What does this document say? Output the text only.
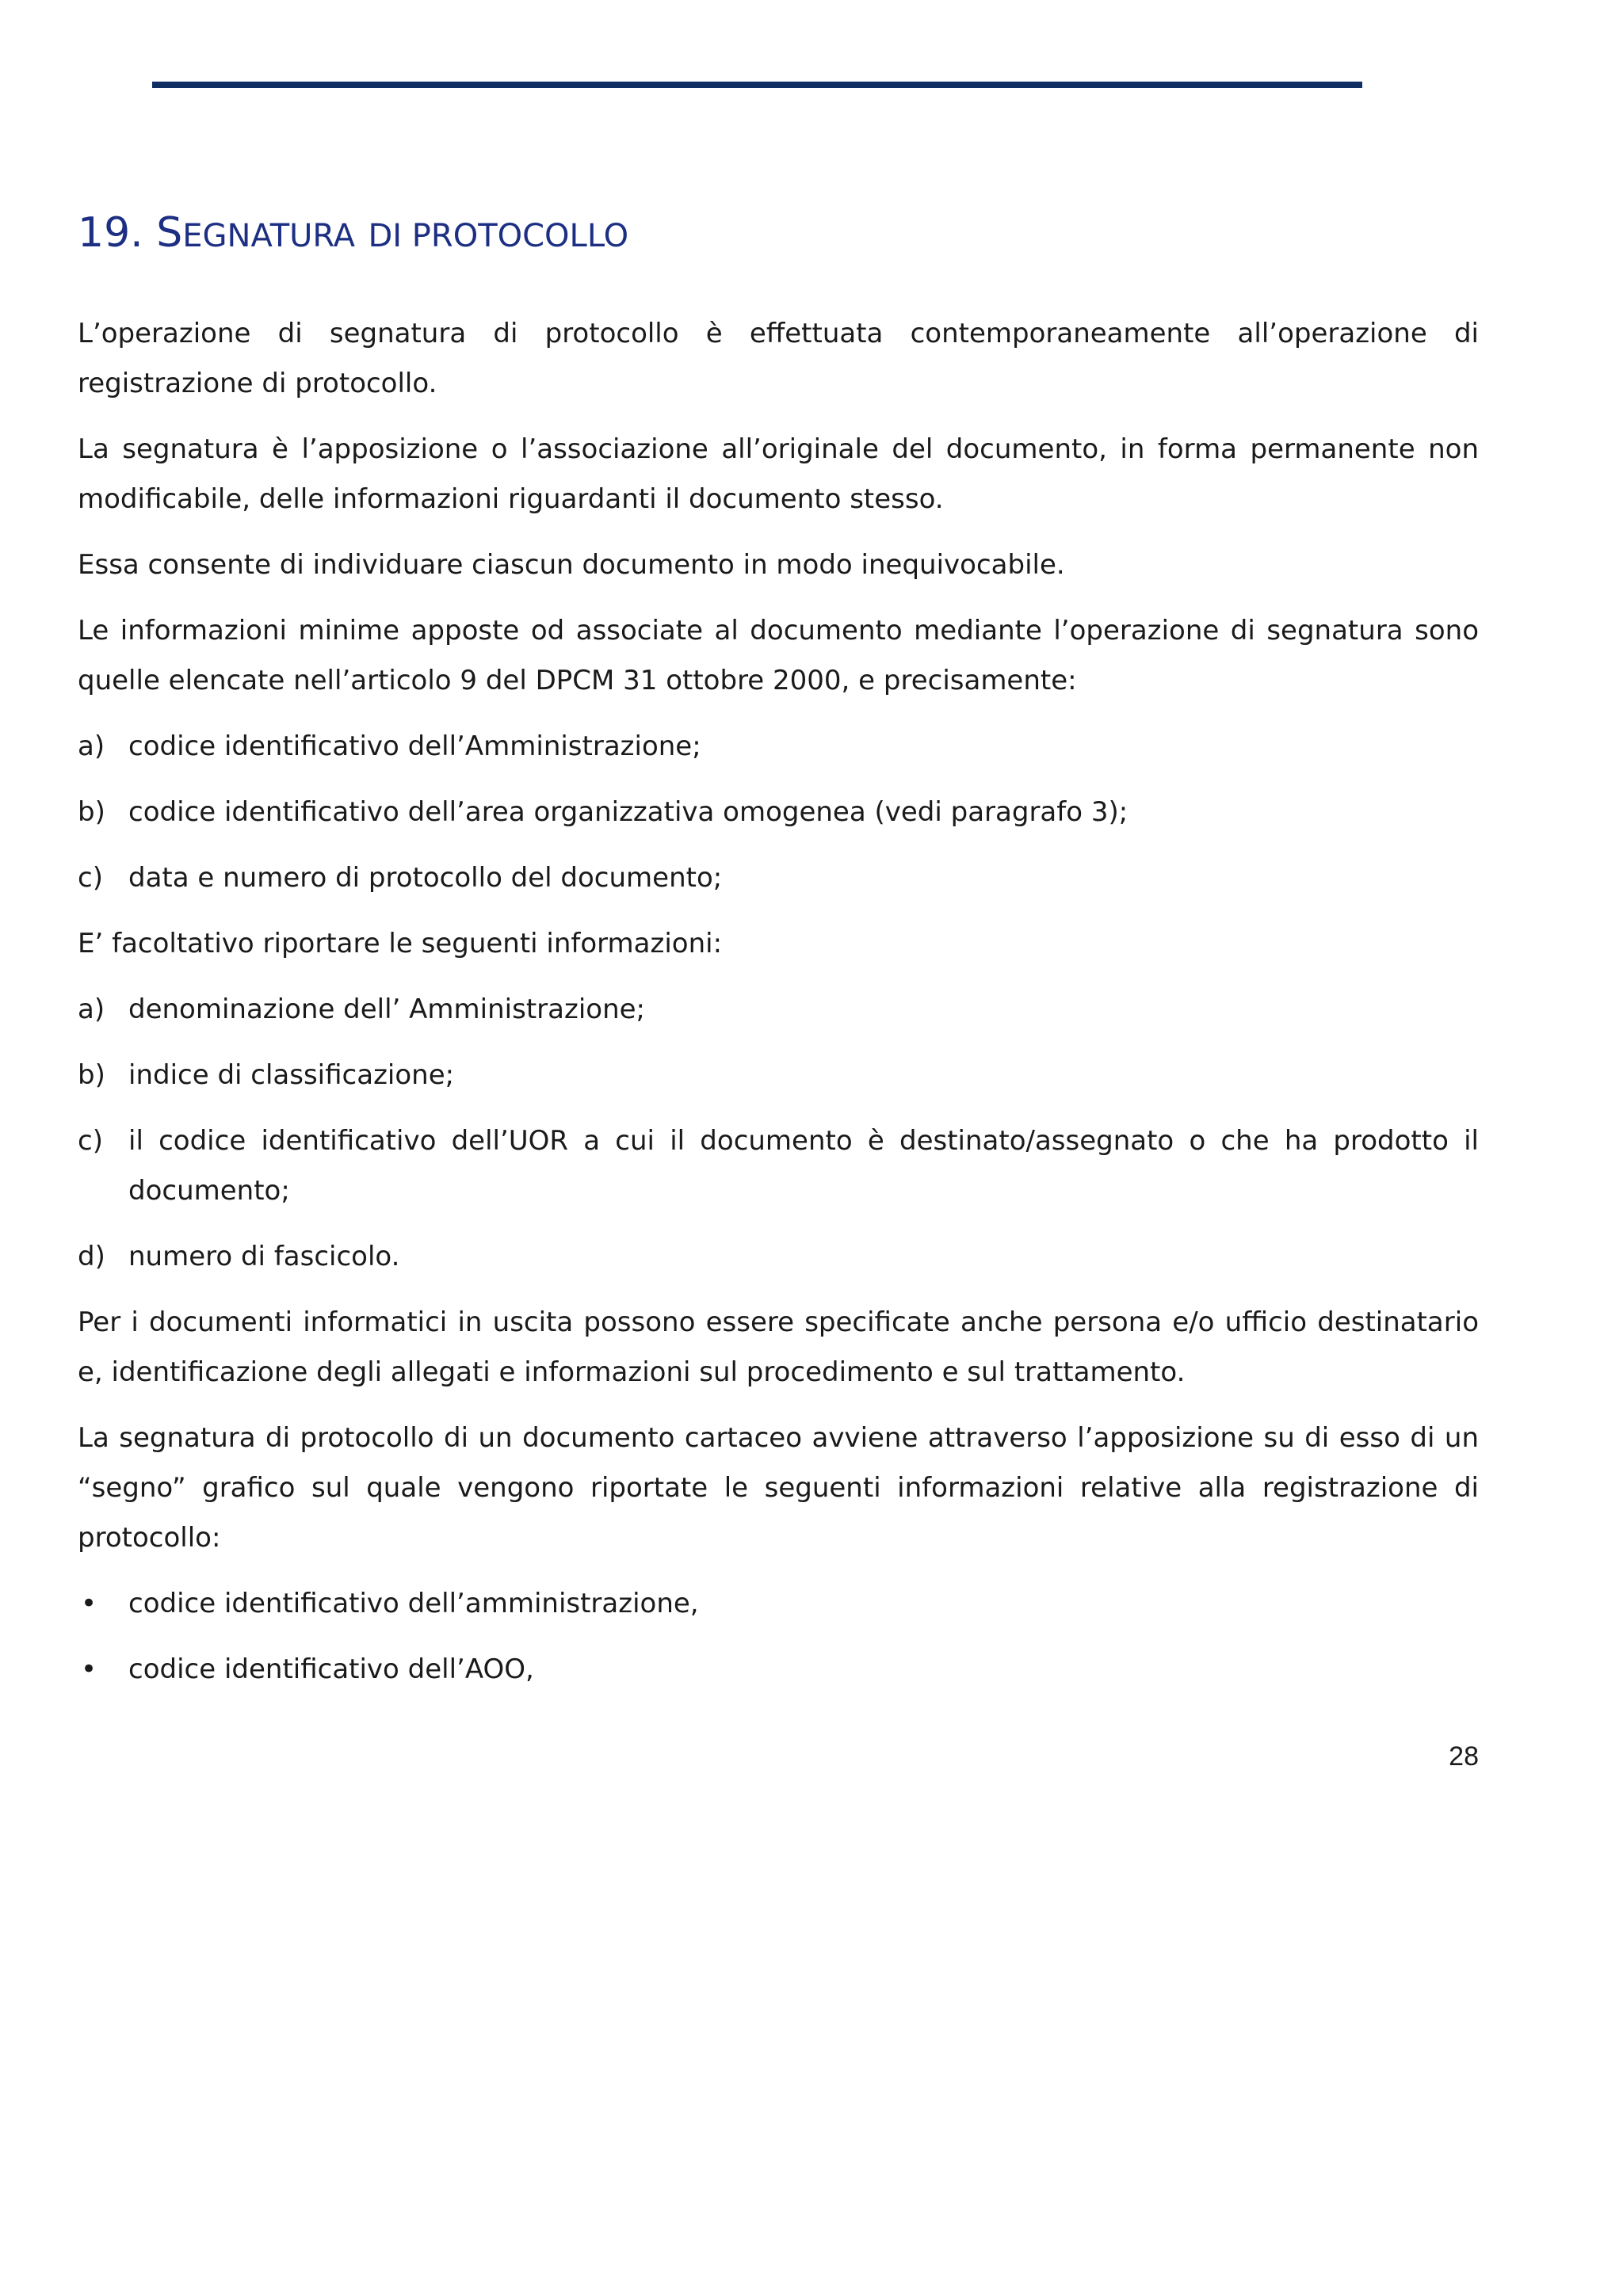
19. SEGNATURA DI PROTOCOLLO

L’operazione di segnatura di protocollo è effettuata contemporaneamente all’operazione di registrazione di protocollo.

La segnatura è l’apposizione o l’associazione all’originale del documento, in forma permanente non modificabile, delle informazioni riguardanti il documento stesso.

Essa consente di individuare ciascun documento in modo inequivocabile.

Le informazioni minime apposte od associate al documento mediante l’operazione di segnatura sono quelle elencate nell’articolo 9 del DPCM 31 ottobre 2000, e precisamente:

a) codice identificativo dell’Amministrazione;
b) codice identificativo dell’area organizzativa omogenea (vedi paragrafo 3);
c) data e numero di protocollo del documento;

E’ facoltativo riportare le seguenti informazioni:

a) denominazione dell’ Amministrazione;
b) indice di classificazione;
c) il codice identificativo dell’UOR a cui il documento è destinato/assegnato o che ha prodotto il documento;
d) numero di fascicolo.

Per i documenti informatici in uscita possono essere specificate anche persona e/o ufficio destinatario e, identificazione degli allegati e informazioni sul procedimento e sul trattamento.

La segnatura di protocollo di un documento cartaceo avviene attraverso l’apposizione su di esso di un “segno” grafico sul quale vengono riportate le seguenti informazioni relative alla registrazione di protocollo:

•	codice identificativo dell’amministrazione,
•	codice identificativo dell’AOO,
28
